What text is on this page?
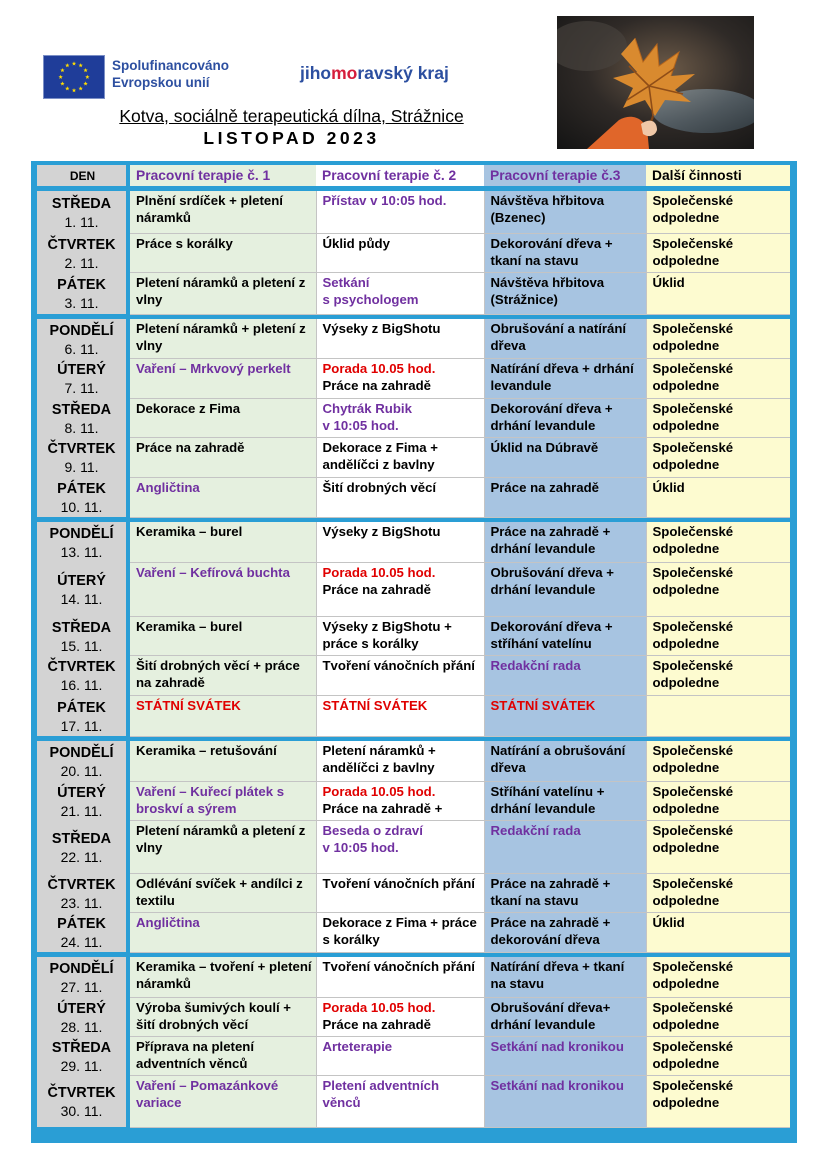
Spolufinancováno
Evropskou unií	jihomoravský kraj
Kotva, sociálně terapeutická dílna, Strážnice
LISTOPAD 2023
DEN	Pracovní terapie č. 1	Pracovní terapie č. 2	Pracovní terapie č.3	Další činnosti

STŘEDA
1. 11.	Plnění srdíček + pletení náramků	Přístav v 10:05 hod.	Návštěva hřbitova (Bzenec)	Společenské odpoledne

ČTVRTEK
2. 11.	Práce s korálky	Úklid půdy	Dekorování dřeva + tkaní na stavu	Společenské odpoledne

PÁTEK
3. 11.	Pletení náramků a pletení z vlny	Setkání
s psychologem	Návštěva hřbitova (Strážnice)	Úklid

PONDĚLÍ
6. 11.	Pletení náramků + pletení z vlny	Výseky z BigShotu	Obrušování a natírání dřeva	Společenské odpoledne

ÚTERÝ
7. 11.	Vaření – Mrkvový perkelt	Porada 10.05 hod.
Práce na zahradě	Natírání dřeva + drhání levandule	Společenské odpoledne

STŘEDA
8. 11.	Dekorace z Fima	Chytrák Rubik
v 10:05 hod.	Dekorování dřeva + drhání levandule	Společenské odpoledne

ČTVRTEK
9. 11.	Práce na zahradě	Dekorace z Fima + andělíčci z bavlny	Úklid na Dúbravě	Společenské odpoledne

PÁTEK
10. 11.	Angličtina	Šití drobných věcí	Práce na zahradě	Úklid

PONDĚLÍ
13. 11.	Keramika – burel	Výseky z BigShotu	Práce na zahradě + drhání levandule	Společenské odpoledne

ÚTERÝ
14. 11.	Vaření – Kefírová buchta	Porada 10.05 hod.
Práce na zahradě	Obrušování dřeva + drhání levandule	Společenské odpoledne

STŘEDA
15. 11.	Keramika – burel	Výseky z BigShotu + práce s korálky	Dekorování dřeva + stříhání vatelínu	Společenské odpoledne

ČTVRTEK
16. 11.	Šití drobných věcí + práce na zahradě	Tvoření vánočních přání	Redakční rada	Společenské odpoledne

PÁTEK
17. 11.	STÁTNÍ SVÁTEK	STÁTNÍ SVÁTEK	STÁTNÍ SVÁTEK	

PONDĚLÍ
20. 11.	Keramika – retušování	Pletení náramků + andělíčci z bavlny	Natírání a obrušování dřeva	Společenské odpoledne

ÚTERÝ
21. 11.	Vaření – Kuřecí plátek s broskví a sýrem	Porada 10.05 hod.
Práce na zahradě +	Stříhání vatelínu + drhání levandule	Společenské odpoledne

STŘEDA
22. 11.	Pletení náramků a pletení z vlny	Beseda o zdraví
v 10:05 hod.	Redakční rada	Společenské odpoledne

ČTVRTEK
23. 11.	Odlévání svíček + andílci z textilu	Tvoření vánočních přání	Práce na zahradě + tkaní na stavu	Společenské odpoledne

PÁTEK
24. 11.	Angličtina	Dekorace z Fima + práce s korálky	Práce na zahradě + dekorování dřeva	Úklid

PONDĚLÍ
27. 11.	Keramika – tvoření + pletení náramků	Tvoření vánočních přání	Natírání dřeva + tkaní na stavu	Společenské odpoledne

ÚTERÝ
28. 11.	Výroba šumivých koulí + šití drobných věcí	Porada 10.05 hod.
Práce na zahradě	Obrušování dřeva+ drhání levandule	Společenské odpoledne

STŘEDA
29. 11.	Příprava na pletení adventních věnců	Arteterapie	Setkání nad kronikou	Společenské odpoledne

ČTVRTEK
30. 11.	Vaření – Pomazánkové variace	Pletení adventních věnců	Setkání nad kronikou	Společenské odpoledne
